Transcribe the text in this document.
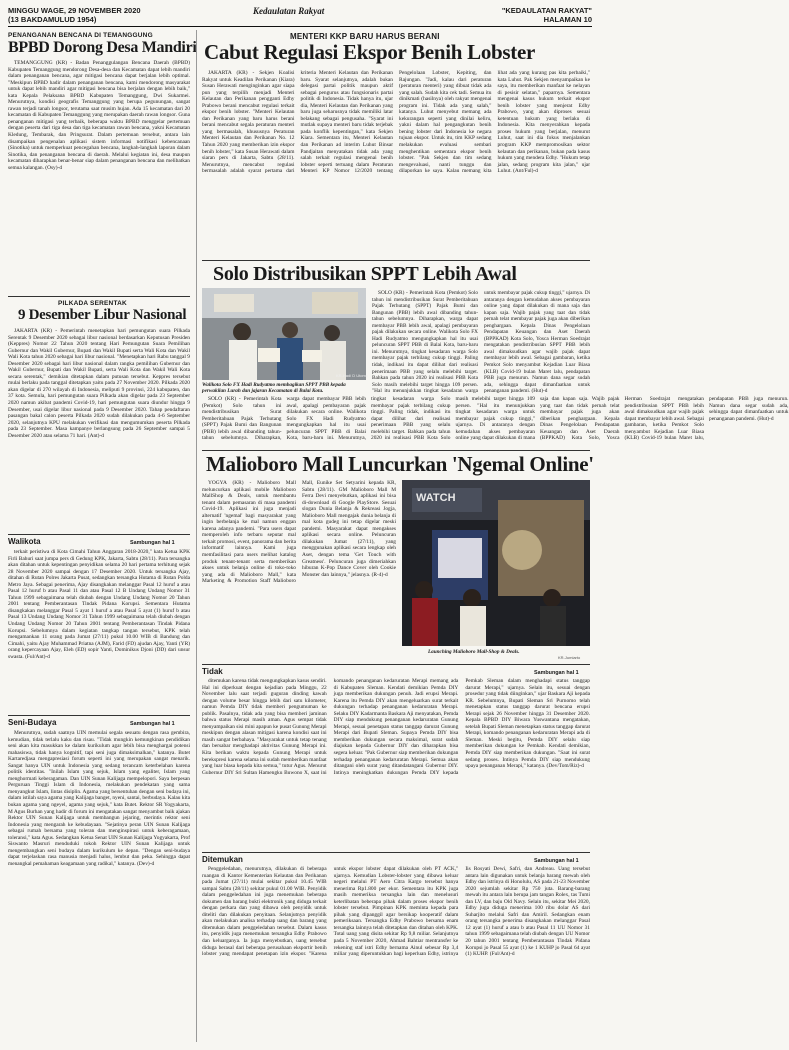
MINGGU WAGE, 29 NOVEMBER 2020
(13 BAKDAMULUD 1954)
Kedaulatan Rakyat	"KEDAULATAN RAKYAT"
HALAMAN 10
PENANGANAN BENCANA DI TEMANGGUNG
BPBD Dorong Desa Mandiri

TEMANGGUNG (KR) - Badan Penanggulangan Bencana Daerah (BPBD) Kabupaten Temanggung mendorong Desa-desa dan Kecamatan dapat lebih mandiri dalam penanganan bencana, agar mitigasi bencana dapat berjalan lebih optimal. "Meskipun BPBD hadir dalam penanganan bencana, kami mendorong masyarakat untuk dapat lebih mandiri agar mitigasi bencana bisa berjalan dengan lebih baik," kata Kepala Pelaksana BPBD Kabupaten Temanggung, Dwi Sukarmei. Menurutnya, kondisi geografis Temanggung yang berupa pegunungan, sangat rawan terjadi tanah longsor, terutama saat musim hujan. Ada 15 kecamatan dari 20 kecamatan di Kabupaten Temanggung yang merupakan daerah rawan longsor. Guna penanganan mitigasi yang terbaik, beberapa waktu BPBD menggelar pertemuan dengan peserta dari tiga desa dan tiga kecamatan rawan bencana, yakni Kecamatan Kledung, Tembarak, dan Pringsurat. Dalam pertemuan tersebut, antara lain disampaikan pengenalan aplikasi sistem informasi notifikasi kebencanaan (Sinotika) untuk memperkuat pencegahan bencana, langkah-langkah laporan dalam Sinotika, dan penanganan bencana di daerah. Melalui kegiatan ini, desa maupun kecamatan diharapkan benar-benar siap dalam penanganan bencana dan melibatkan semua kalangan. (Osy)-d

PILKADA SERENTAK
9 Desember Libur Nasional

JAKARTA (KR) - Pemerintah menetapkan hari pemungutan suara Pilkada Serentak 9 Desember 2020 sebagai libur nasional berdasarkan Keputusan Presiden (Keppres) Nomor 22 Tahun 2020 tentang Hari Pemungutan Suara Pemilihan Gubernur dan Wakil Gubernur, Bupati dan Wakil Bupati serta Wali Kota dan Wakil Wali Kota tahun 2020 sebagai hari libur nasional. "Menetapkan hari Rabu tanggal 9 Desember 2020 sebagai hari libur nasional dalam rangka pemilihan Gubernur dan Wakil Gubernur, Bupati dan Wakil Bupati, serta Wali Kota dan Wakil Wali Kota secara serentak," demikian ditetapkan dalam putusan tersebut. Keppres tersebut mulai berlaku pada tanggal ditetapkan yaitu pada 27 November 2020. Pilkada 2020 akan digelar di 270 wilayah di Indonesia, meliputi 9 provinsi, 224 kabupaten, dan 37 kota. Semula, hari pemungutan suara Pilkada akan digelar pada 23 September 2020 namun akibat pandemi Covid-19, hari pemungutan suara diundur hingga 9 Desember, usai digelar libur nasional pada 9 Desember 2020. Tahap pendaftaran pasangan bakal calon peserta Pilkada 2020 sudah dilakukan pada 4-6 September 2020, selanjutnya KPU melakukan verifikasi dan mengumumkan peserta Pilkada pada 23 September. Masa kampanye berlangsung pada 26 September sampai 5 Desember 2020 atau selama 71 hari. (Ant)-d

Walikota	Sambungan hal 1

terkait peristiwa di Kota Cimahi Tahun Anggaran 2018-2020," kata Ketua KPK Firli Bahuri saat jumpa pers di Gedung KPK, Jakarta, Sabtu (28/11). Para tersangka akan ditahan untuk kepentingan penyidikan selama 20 hari pertama terhitung sejak 28 November 2020 sampai dengan 17 Desember 2020. Untuk tersangka Ajay, ditahan di Rutan Polres Jakarta Pusat, sedangkan tersangka Hutama di Rutan Polda Metro Jaya. Sebagai penerima, Ajay disangkakan melanggar Pasal 12 huruf a atau Pasal 12 huruf b atau Pasal 11 dan atau Pasal 12 B Undang Undang Nomor 31 Tahun 1999 sebagaimana telah diubah dengan Undang Undang Nomor 20 Tahun 2001 tentang Pemberantasan Tindak Pidana Korupsi. Sementara Hutama disangkakan melanggar Pasal 5 ayat 1 huruf a atau Pasal 5 ayat (1) huruf b atau Pasal 13 Undang Undang Nomor 31 Tahun 1999 sebagaimana telah diubah dengan Undang Undang Nomor 20 Tahun 2001 tentang Pemberantasan Tindak Pidana Korupsi. Sebelumnya dalam kegiatan tangkap tangan tersebut, KPK telah mengamankan 11 orang pada Jumat (27/11) pukul 10.00 WIB di Bandung dan Cimahi, yaitu Ajay Muhammad Priatna (AJM), Farid (FD) ajudan Ajay, Yanti (YR) orang kepercayaan Ajay, Eleh (ED) sopir Yanti, Dominikus Djoni (DD) dari unsur swasta. (Ful/Ant)-d

Seni-Budaya	Sambungan hal 1

Menurutnya, sudah saatnya UIN memulai segala sesuatu dengan rasa gembira, kemudian, tidak terlalu kaku dan risau. "Tidak mungkin kemungkinan pendidikan seni akan kita masukkan ke dalam kurikulum agar lebih bisa menghargai potensi mahasiswa, tidak hanya kognitif, tapi seni juga dimaksimalkan," katanya. Butet Kartaredjasa mengapresiasi forum seperti ini yang merupakan sangat menarik. Sangat hanya UIN untuk Indonesia yang sedang terancam keterbelahan karena politik identitas. "Inilah Islam yang sejuk, Islam yang egaliter, Islam yang menghormati keberagaman. Dan UIN Sunan Kalijaga mempelopori. Saya berpesan Perguruan Tinggi Islam di Indonesia, melakukan pendekatan yang sama menyangkut Islam, lintas disiplin. Agama yang bersentuhan dengan seni budaya ini, dalam istilah saya agama yang Kalijaga banget, nyeni, santai, berbudaya. Kalau kita bukan agama yang ngeyel, agama yang sejuk," kata Butet. Rektor SR Yogyakarta, M Agus Burhan yang hadir di forum ini mengatakan sangat menyambut baik ajakan Rektor UIN Sunan Kalijaga untuk membangun jejaring, merintis rektor seni Indonesia yang mengarah ke kebudayaan. "Sejatinya peran UIN Sunan Kalijaga sebagai rumah bersama yang toleran dan menginspirasi untuk keberagamaan, toleransi," kata Agus. Sedangkan Ketua Senat UIN Sunan Kalijaga Yogyakarta, Prof Siswanto Masruri menduduki tokoh Rektor UIN Sunan Kalijaga untuk mengembangkan seni budaya dalam kurikulum ke depan. "Dengan seni-budaya dapat terjelaskan rasa manusia menjadi halus, lembut dan peka. Sehingga dapat menangkal pemahaman keagamaan yang radikal," katanya. (Dev)-d

MENTERI KKP BARU HARUS BERANI
Cabut Regulasi Ekspor Benih Lobster

JAKARTA (KR) - Sekjen Koalisi Rakyat untuk Keadilan Perikanan (Kiara) Susan Herawati menginginkan agar siapa pun yang terpilih menjadi Menteri Kelautan dan Perikanan pengganti Edhy Prabowo berani mencabut regulasi terkait ekspor benih lobster. "Menteri Kelautan dan Perikanan yang baru harus berani berani mencabut segala peraturan menteri yang bermasalah, khususnya Peraturan Menteri Kelautan dan Perikanan No. 12 Tahun 2020 yang memberikan izin ekspor benih lobster," kata Susan Herawati dalam siaran pers di Jakarta, Sabtu (28/11). Menurutnya, mencabut regulasi bermasalah adalah syarat pertama dari kriteria Menteri Kelautan dan Perikanan baru. Syarat selanjutnya, adalah bukan delegasi partai politik maupun aktif sebagai pengurus atau fungsionaris partai politik di Indonesia. Tidak hanya itu, ujar dia, Menteri Kelautan dan Perikanan yang baru juga seharusnya tidak memiliki latar belakang sebagai pengusaha. "Syarat ini mutlak supaya menteri baru tidak terjebak pada konflik kepentingan," kata Sekjen Kiara. Sementara itu, Menteri Kelautan dan Perikanan ad interim Luhut Binsar Pandjaitan menyatakan tidak ada yang salah terkait regulasi mengenai benih lobster seperti tertuang dalam Peraturan Menteri KP Nomor 12/2020 tentang Pengelolaan Lobster, Kepiting, dan Rajungan. "Jadi, kalau dari peraturan (peraturan menteri) yang dibuat tidak ada yang salah. Sudah kita cek tadi. Semua itu dinikmati (hasilnya) oleh rakyat mengenai program ini. Tidak ada yang salah," katanya. Luhut menyebut memang ada kekurangan seperti yang dinilai keliru, yakni dalam hal pengangkutan benih bening lobster dari Indonesia ke negara tujuan ekspor. Untuk itu, tim KKP sedang melakukan evaluasi sembari menghentikan sementara ekspor benih lobster. "Pak Sekjen dan tim sedang mengevaluasi, nanti tunggu dan dilaporkan ke saya. Kalau memang kita lihat ada yang kurang pas kita perbaiki," kata Luhut. Pak Sekjen menyampaikan ke saya, itu memberikan manfaat ke nelayan di pesisir selatan," paparnya. Sementara mengenai kasus hukum terkait ekspor benih lobster yang menjerat Edhy Prabowo, yang akan diproses sesuai ketentuan hukum yang berlaku di Indonesia. Kita menyerahkan kepada proses hukum yang berjalan, menurut Luhut, saat ini dia fokus menjalankan program KKP mempromosikan sektor kelautan dan perikanan, bukan pada kasus hukum yang mendera Edhy. "Hukum tetap jalan, sedang program kita jalan," ujar Luhut. (Ant/Ful)-d

Solo Distribusikan SPPT Lebih Awal
KR-Hadi D Utomo
Walikota Solo FX Hadi Rudyatmo membagikan SPPT PBB kepada perwakilan Lurah dan jajaran Kecamatan di Balai Kota.

SOLO (KR) - Pemerintah Kota (Pemkot) Solo tahun ini mendistribusikan Surat Pemberitahuan Pajak Terhutang (SPPT) Pajak Bumi dan Bangunan (PBB) lebih awal dibanding tahun-tahun sebelumnya. Diharapkan, warga dapat membayar PBB lebih awal, apalagi pembayaran pajak dilakukan secara online. Walikota Solo FX Hadi Rudyatmo mengungkapkan hal itu usai peluncuran SPPT PBB di Balai Kota, baru-baru ini. Menurutnya, tingkat kesadaran warga Solo membayar pajak terbilang cukup tinggi. Paling tidak, indikasi itu dapat dilihat dari realisasi penerimaan PBB yang selalu melebihi target. Bahkan pada tahun 2020 ini realisasi PBB Kota Solo masih melebihi target hingga 109 persen. "Hal itu menunjukkan tingkat kesadaran warga untuk membayar pajak cukup tinggi," ujarnya. Di antaranya dengan kemudahan akses pembayaran online yang dapat dilakukan di mana saja dan kapan saja. Wajib pajak yang taat dan tidak pernah telat membayar pajak juga akan diberikan penghargaan. Kepala Dinas Pengelolaan Pendapatan Keuangan dan Aset Daerah (BPPKAD) Kota Solo, Yosca Herman Soedrajat mengatakan pendistribusian SPPT PBB lebih awal dimaksudkan agar wajib pajak dapat membayar lebih awal. Sebagai gambaran, ketika Pemkot Solo menyambut Kejadian Luar Biasa (KLB) Covid-19 bulan Maret lalu, pendapatan PBB juga menurun. Namun dana segar sudah ada, sehingga dapat dimanfaatkan untuk penanganan pandemi. (Hut)-d

SOLO (KR) - Pemerintah Kota (Pemkot) Solo tahun ini mendistribusikan Surat Pemberitahuan Pajak Terhutang (SPPT) Pajak Bumi dan Bangunan (PBB) lebih awal dibanding tahun-tahun sebelumnya. Diharapkan, warga dapat membayar PBB lebih awal, apalagi pembayaran pajak dilakukan secara online. Walikota Solo FX Hadi Rudyatmo mengungkapkan hal itu usai peluncuran SPPT PBB di Balai Kota, baru-baru ini. Menurutnya, tingkat kesadaran warga Solo membayar pajak terbilang cukup tinggi. Paling tidak, indikasi itu dapat dilihat dari realisasi penerimaan PBB yang selalu melebihi target. Bahkan pada tahun 2020 ini realisasi PBB Kota Solo masih melebihi target hingga 109 persen. "Hal itu menunjukkan tingkat kesadaran warga untuk membayar pajak cukup tinggi," ujarnya. Di antaranya dengan kemudahan akses pembayaran online yang dapat dilakukan di mana saja dan kapan saja. Wajib pajak yang taat dan tidak pernah telat membayar pajak juga akan diberikan penghargaan. Kepala Dinas Pengelolaan Pendapatan Keuangan dan Aset Daerah (BPPKAD) Kota Solo, Yosca Herman Soedrajat mengatakan pendistribusian SPPT PBB lebih awal dimaksudkan agar wajib pajak dapat membayar lebih awal. Sebagai gambaran, ketika Pemkot Solo menyambut Kejadian Luar Biasa (KLB) Covid-19 bulan Maret lalu, pendapatan PBB juga menurun. Namun dana segar sudah ada, sehingga dapat dimanfaatkan untuk penanganan pandemi. (Hut)-d

Malioboro Mall Luncurkan 'Ngemal Online'

YOGYA (KR) - Malioboro Mall meluncurkan aplikasi mobile Malioboro MallShop & Deals, untuk membantu tenant dalam pemasaran di masa pandemi Covid-19. Aplikasi ini juga menjadi alternatif 'ngemal' bagi masyarakat yang ingin berbelanja ke mal namun enggan karena adanya pandemi. "Para users dapat memperoleh info terbaru seputar mal terkait promosi, event, panorama dan berita informatif lainnya. Kami juga memfasilitasi para users melihat katalog produk tenant-tenant serta memberikan akses untuk belanja online di toko-toko yang ada di Malioboro Mall," kata Marketing & Promotion Staff Malioboro Mall, Eunike Set Setyarini kepada KR, Sabtu (28/11). GM Malioboro Mall M Ferra Devi menyebutkan, aplikasi ini bisa di-download di Google PlayStore. Sesuai slogan Dunia Belanja & Rekreasi Jogja, Malioboro Mall mengajak dunia belanja di mal kota gudeg ini tetap digelar meski pandemi. Masyarakat dapat mengakses aplikasi secara online. Peluncuran dilakukan Jumat (27/11), yang menggunakan aplikasi secara lengkap oleh Aset, dengan tema 'Get Touch with Greatness'. Peluncuran juga dimeriahkan hiburan K-Pop Dance Cover oleh Cookie Monster dan lainnya," jelasnya. (R-4)-d

WATCH
Launching Malioboro Mall-Shop & Deals.
KR-Jumiarto
Tidak	Sambungan hal 1

ditemukan karena tidak mengungkapkan kasus sendiri. Hal ini diperkuat dengan kejadian pada Minggu, 22 November lalu saat terjadi guguran dinding kawah dengan volume besar hingga lebih dari satu kilometer, namun Pemda DIY tidak memberi pengumuman ke publik. Pasalnya, tidak ada yang bisa memberi jaminan bahwa status Merapi masih aman. Agus sempat tidak menyampaikan sisi mini apapun ke pusat Gunung Merapi meskipun dengan alasan mitigasi karena kondisi saat ini masih sangat berbahaya. "Masyarakat untuk tetap tenang dan bersabar menghadapi aktivitas Gunung Merapi ini. Kita berikan waktu kepada Gunung Merapi untuk berekspresi karena selama ini sudah memberikan manfaat yang luar biasa kepada kita semua," tutur Agus. Menurut Gubernur DIY Sri Sultan Hamengku Buwono X, saat ini komando penanganan kedaruratan Merapi memang ada di Kabupaten Sleman. Kendati demikian Pemda DIY juga memberikan dukungan penuh. Jadi erupsi Merapi. Karena itu Pemda DIY akan mengeluarkan surat terkait dukungan terhadap penanganan kedaruratan Merapi. Selaku DIY Kadarmanta Baskara Aji menyatakan, Pemda DIY siap mendukung penanganan kedaruratan Gunung Merapi, sesuai penetapan status tanggap darurat Gunung Merapi dari Bupati Sleman. Supaya Pemda DIY bisa memberikan dukungan secara maksimal, surat sudah diajukan kepada Gubernur DIY dan diharapkan bisa segera keluar. "Pak Gubernur siap memberikan dukungan terhadap penanganan kedaruratan Merapi. Semua akan ditangani oleh surat yang ditandatangani Gubernur DIY. Intinya meningkatkan dukungan Pemda DIY kepada Pemkab Sleman dalam menghadapi status tanggap darurat Merapi," ujarnya. Selain itu, sesuai dengan prosedur yang tidak diinginkan," ujar Baskara Aji kepada KR. Sebelumnya, Bupati Sleman Sri Purnomo telah menetapkan status tanggap darurat bencana erupsi Merapi sejak 26 November hingga 31 Desember 2020. Kepala BPBD DIY Biwara Yuswantana mengatakan, setelah Bupati Sleman menetapkan status tanggap darurat Merapi, komando penanganan kedaruratan Merapi ada di Sleman. Meski begitu, Pemda DIY selalu siap memberikan dukungan ke Pemkab. Kendati demikian, Pemda DIY siap memberikan dukungan. "Saat ini surat sedang proses. Intinya Pemda DIY siap mendukung upaya penanganan Merapi," katanya. (Dev/Tom/Riz)-d

Ditemukan	Sambungan hal 1

Penggeledahan, menurutnya, dilakukan di beberapa ruangan di Kantor Kementerian Kelautan dan Perikanan pada Jumat (27/11) mulai sekitar pukul 10.45 WIB sampai Sabtu (28/11) sekitar pukul 01.00 WIB. Penyidik dalam penggeledahan ini juga menemukan beberapa dokumen dan barang bukti elektronik yang diduga terkait dengan perkara dan yang dibawa oleh penyidik untuk diteliti dan dilakukan penyitaan. Selanjutnya penyidik akan melakukan analisa terhadap uang dan barang yang ditemukan dalam penggeledahan tersebut. Dalam kasus itu, penyidik juga menemukan tersangka Edhy Prabowo dan keluarganya. Ia juga menyebutkan, uang tersebut diduga berasal dari beberapa perusahaan eksportir benih lobster yang mendapat penetapan izin ekspor. "Karena untuk ekspor lobster dapat dilakukan oleh PT ACK," ujarnya. Kemudian Lobster-lobster yang dibawa keluar negeri melalui PT Aero Citra Kargo tersebut hanya menerima Rp1.800 per ekor. Sementara itu KPK juga masih memeriksa tersangka lain dan menelusuri keterlibatan beberapa pihak dalam proses ekspor benih lobster tersebut. Pimpinan KPK meminta kepada para pihak yang dipanggil agar bersikap kooperatif dalam pemeriksaan. Tersangka Edhy Prabowo bersama enam tersangka lainnya telah ditetapkan dan ditahan oleh KPK. Total uang yang disita sekitar Rp 9,8 miliar. Selanjutnya pada 5 November 2020, Ahmad Bahtiar mentransfer ke rekening staf istri Edhy bernama Ainul sebesar Rp 3,4 miliar yang diperuntukkan bagi keperluan Edhy, istrinya Iis Rosyati Dewi, Safri, dan Andreau. Uang tersebut antara lain digunakan untuk belanja barang mewah oleh Edhy dan istrinya di Honolulu, AS pada 21-23 November 2020 sejumlah sekitar Rp 750 juta. Barang-barang mewah itu antara lain berupa jam tangan Rolex, tas Tumi dan LV, dan baju Old Navy. Selain itu, sekitar Mei 2020, Edhy juga diduga menerima 100 ribu dolar AS dari Suharjito melalui Safri dan Amiril. Sedangkan enam orang tersangka penerima disangkakan melanggar Pasal 12 ayat (1) huruf a atau b atau Pasal 11 UU Nomor 31 tahun 1999 sebagaimana telah diubah dengan UU Nomor 20 tahun 2001 tentang Pemberantasan Tindak Pidana Korupsi jo Pasal 55 ayat (1) ke 1 KUHP jo Pasal 64 ayat (1) KUHP. (Ful/Ant)-d
